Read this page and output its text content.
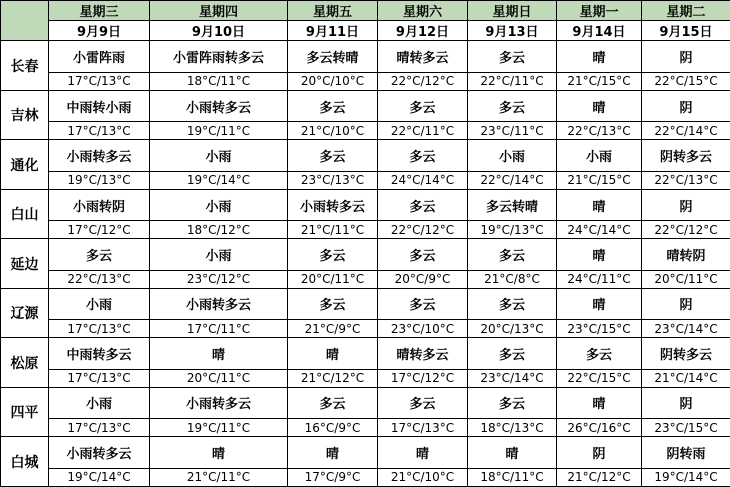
	星期三	星期四	星期五	星期六	星期日	星期一	星期二
	9月9日	9月10日	9月11日	9月12日	9月13日	9月14日	9月15日
长春	小雷阵雨	小雷阵雨转多云	多云转晴	晴转多云	多云	晴	阴
	17°C/13°C	18°C/11°C	20°C/10°C	22°C/12°C	22°C/11°C	21°C/15°C	22°C/15°C
吉林	中雨转小雨	小雨转多云	多云	多云	多云	晴	阴
	17°C/13°C	19°C/11°C	21°C/10°C	22°C/11°C	23°C/11°C	22°C/13°C	22°C/14°C
通化	小雨转多云	小雨	多云	多云	小雨	小雨	阴转多云
	19°C/13°C	19°C/14°C	23°C/13°C	24°C/14°C	22°C/14°C	21°C/15°C	22°C/13°C
白山	小雨转阴	小雨	小雨转多云	多云	多云转晴	晴	阴
	17°C/12°C	18°C/12°C	21°C/11°C	22°C/12°C	19°C/13°C	24°C/14°C	22°C/12°C
延边	多云	小雨	多云	多云	多云	晴	晴转阴
	22°C/13°C	23°C/12°C	20°C/11°C	20°C/9°C	21°C/8°C	24°C/11°C	20°C/11°C
辽源	小雨	小雨转多云	多云	多云	多云	晴	阴
	17°C/13°C	17°C/11°C	21°C/9°C	23°C/10°C	20°C/13°C	23°C/15°C	23°C/14°C
松原	中雨转多云	晴	晴	晴转多云	多云	多云	阴转多云
	17°C/13°C	20°C/11°C	21°C/12°C	17°C/12°C	23°C/14°C	22°C/15°C	21°C/14°C
四平	小雨	小雨转多云	多云	多云	多云	晴	阴
	17°C/13°C	19°C/11°C	16°C/9°C	17°C/13°C	18°C/13°C	26°C/16°C	23°C/15°C
白城	小雨转多云	晴	晴	晴	晴	阴	阴转雨
	19°C/14°C	21°C/11°C	17°C/9°C	21°C/10°C	18°C/11°C	21°C/12°C	19°C/14°C
